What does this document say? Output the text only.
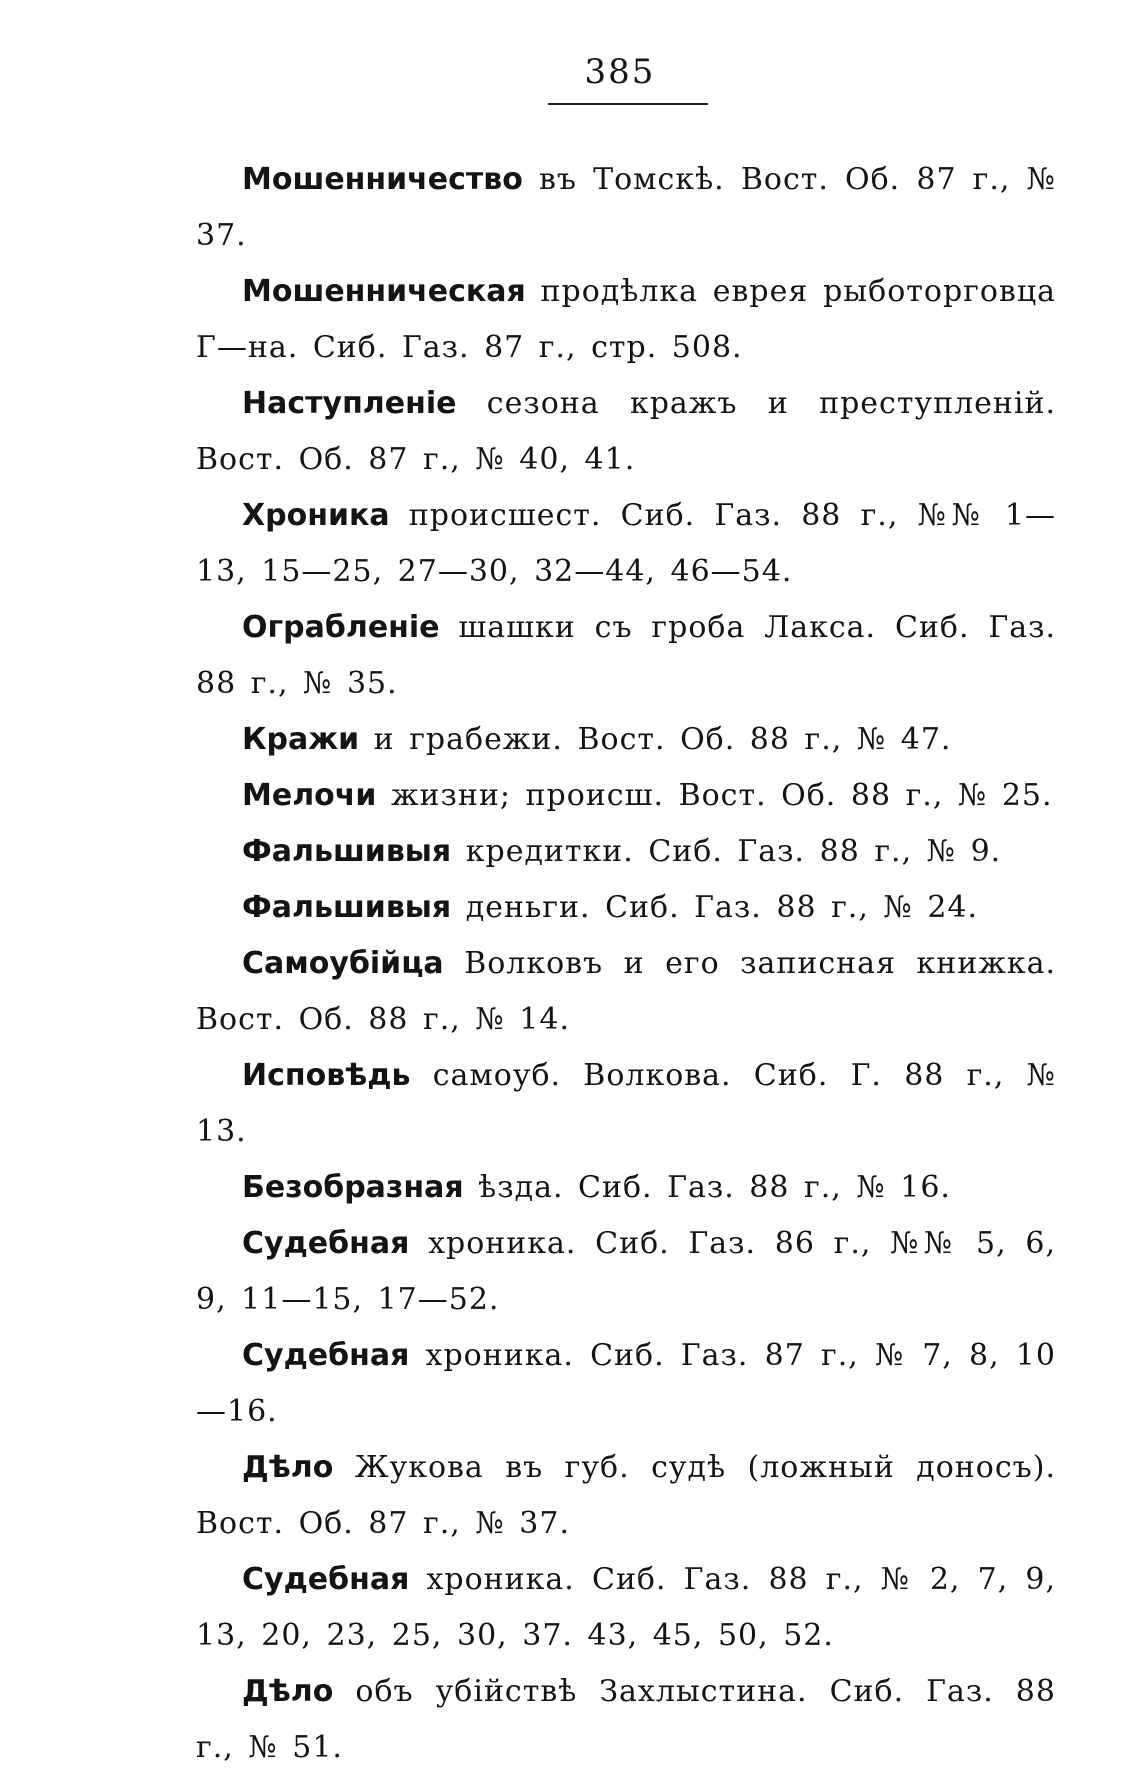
385

Мошенничество въ Томскѣ. Вост. Об. 87 г., № 37.

Мошенническая продѣлка еврея рыботорговца Г—на. Сиб. Газ. 87 г., стр. 508.

Наступленіе сезона кражъ и преступленій. Вост. Об. 87 г., № 40, 41.

Хроника происшест. Сиб. Газ. 88 г., №№ 1—13, 15—25, 27—30, 32—44, 46—54.

Ограбленіе шашки съ гроба Лакса. Сиб. Газ. 88 г., № 35.

Кражи и грабежи. Вост. Об. 88 г., № 47.

Мелочи жизни; происш. Вост. Об. 88 г., № 25.

Фальшивыя кредитки. Сиб. Газ. 88 г., № 9.

Фальшивыя деньги. Сиб. Газ. 88 г., № 24.

Самоубійца Волковъ и его записная книжка. Вост. Об. 88 г., № 14.

Исповѣдь самоуб. Волкова. Сиб. Г. 88 г., № 13.

Безобразная ѣзда. Сиб. Газ. 88 г., № 16.

Судебная хроника. Сиб. Газ. 86 г., №№ 5, 6, 9, 11—15, 17—52.

Судебная хроника. Сиб. Газ. 87 г., № 7, 8, 10—16.

Дѣло Жукова въ губ. судѣ (ложный доносъ). Вост. Об. 87 г., № 37.

Судебная хроника. Сиб. Газ. 88 г., № 2, 7, 9, 13, 20, 23, 25, 30, 37. 43, 45, 50, 52.

Дѣло объ убійствѣ Захлыстина. Сиб. Газ. 88 г., № 51.
